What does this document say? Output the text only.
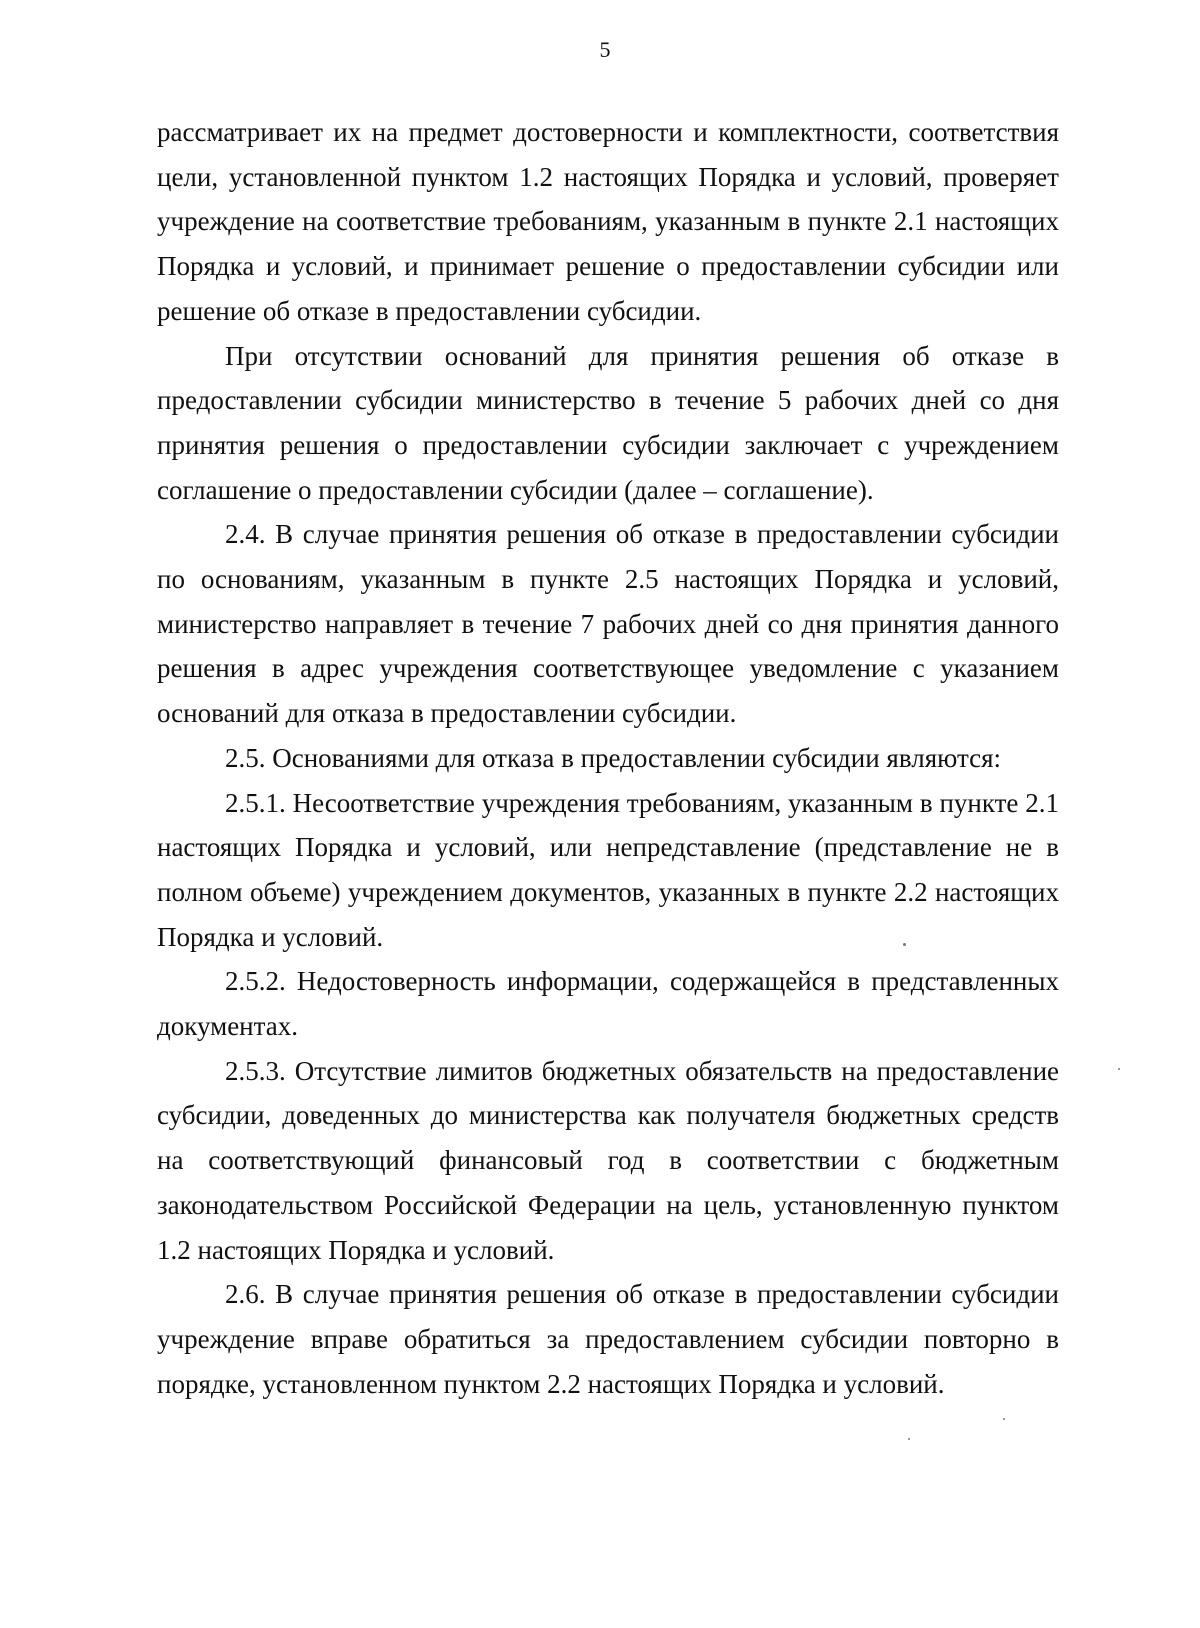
5

рассматривает их на предмет достоверности и комплектности, соответствия цели, установленной пунктом 1.2 настоящих Порядка и условий, проверяет учреждение на соответствие требованиям, указанным в пункте 2.1 настоящих Порядка и условий, и принимает решение о предоставлении субсидии или решение об отказе в предоставлении субсидии.

При отсутствии оснований для принятия решения об отказе в предоставлении субсидии министерство в течение 5 рабочих дней со дня принятия решения о предоставлении субсидии заключает с учреждением соглашение о предоставлении субсидии (далее – соглашение).

2.4. В случае принятия решения об отказе в предоставлении субсидии по основаниям, указанным в пункте 2.5 настоящих Порядка и условий, министерство направляет в течение 7 рабочих дней со дня принятия данного решения в адрес учреждения соответствующее уведомление с указанием оснований для отказа в предоставлении субсидии.

2.5. Основаниями для отказа в предоставлении субсидии являются:

2.5.1. Несоответствие учреждения требованиям, указанным в пункте 2.1 настоящих Порядка и условий, или непредставление (представление не в полном объеме) учреждением документов, указанных в пункте 2.2 настоящих Порядка и условий.

2.5.2. Недостоверность информации, содержащейся в представленных документах.

2.5.3. Отсутствие лимитов бюджетных обязательств на предоставление субсидии, доведенных до министерства как получателя бюджетных средств на соответствующий финансовый год в соответствии с бюджетным законодательством Российской Федерации на цель, установленную пунктом 1.2 настоящих Порядка и условий.

2.6. В случае принятия решения об отказе в предоставлении субсидии учреждение вправе обратиться за предоставлением субсидии повторно в порядке, установленном пунктом 2.2 настоящих Порядка и условий.
